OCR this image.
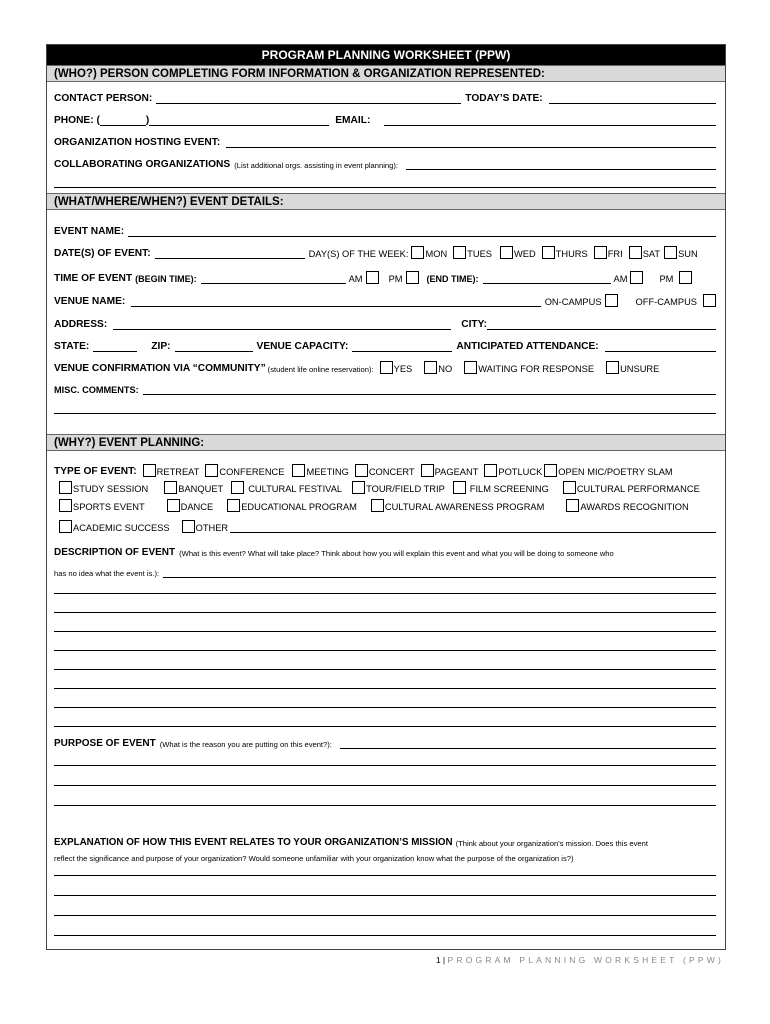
PROGRAM PLANNING WORKSHEET (PPW)
(WHO?) PERSON COMPLETING FORM INFORMATION & ORGANIZATION REPRESENTED:
CONTACT PERSON:	TODAY’S DATE:
PHONE: (	)	EMAIL:
ORGANIZATION HOSTING EVENT:
COLLABORATING ORGANIZATIONS (List additional orgs. assisting in event planning):
(WHAT/WHERE/WHEN?) EVENT DETAILS:
EVENT NAME:
DATE(S) OF EVENT:	DAY(S) OF THE WEEK: MON TUES WED THURS FRI SAT SUN
TIME OF EVENT (BEGIN TIME):	AM	PM	(END TIME):	AM	PM
VENUE NAME:	ON-CAMPUS	OFF-CAMPUS
ADDRESS:	CITY:
STATE:	ZIP:	VENUE CAPACITY:	ANTICIPATED ATTENDANCE:
VENUE CONFIRMATION VIA “COMMUNITY” (student life online reservation): YES	NO	WAITING FOR RESPONSE	UNSURE
MISC. COMMENTS:
(WHY?) EVENT PLANNING:
TYPE OF EVENT: RETREAT CONFERENCE MEETING CONCERT PAGEANT POTLUCK OPEN MIC/POETRY SLAM
STUDY SESSION	BANQUET	CULTURAL FESTIVAL	TOUR/FIELD TRIP	FILM SCREENING	CULTURAL PERFORMANCE
SPORTS EVENT	DANCE	EDUCATIONAL PROGRAM	CULTURAL AWARENESS PROGRAM	AWARDS RECOGNITION
ACADEMIC SUCCESS	OTHER
DESCRIPTION OF EVENT (What is this event? What will take place? Think about how you will explain this event and what you will be doing to someone who
has no idea what the event is.):
PURPOSE OF EVENT (What is the reason you are putting on this event?):
EXPLANATION OF HOW THIS EVENT RELATES TO YOUR ORGANIZATION’S MISSION (Think about your organization’s mission. Does this event
reflect the significance and purpose of your organization? Would someone unfamiliar with your organization know what the purpose of the organization is?)
1 | PROGRAM PLANNING WORKSHEET (PPW)
